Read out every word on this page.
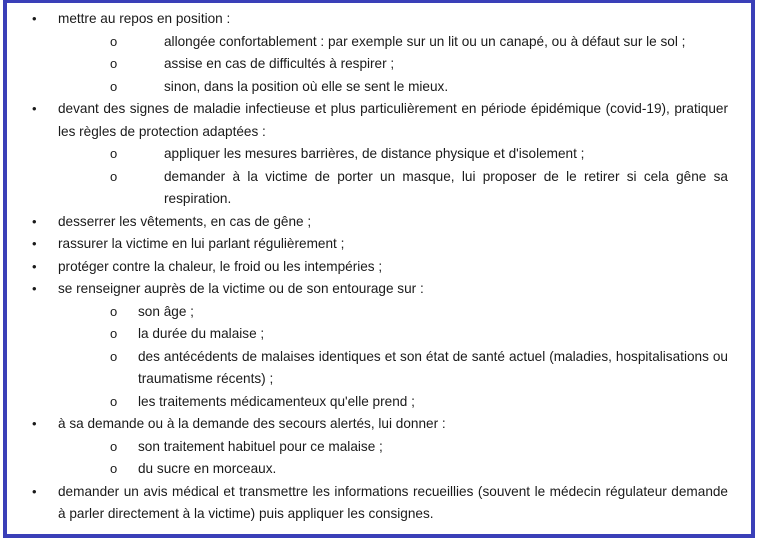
• mettre au repos en position :
o	allongée confortablement : par exemple sur un lit ou un canapé, ou à défaut sur le sol ;
o	assise en cas de difficultés à respirer ;
o	sinon, dans la position où elle se sent le mieux.
• devant des signes de maladie infectieuse et plus particulièrement en période épidémique (covid-19), pratiquer les règles de protection adaptées :
o	appliquer les mesures barrières, de distance physique et d'isolement ;
o	demander à la victime de porter un masque, lui proposer de le retirer si cela gêne sa respiration.
• desserrer les vêtements, en cas de gêne ;
• rassurer la victime en lui parlant régulièrement ;
• protéger contre la chaleur, le froid ou les intempéries ;
• se renseigner auprès de la victime ou de son entourage sur :
o son âge ;
o la durée du malaise ;
o des antécédents de malaises identiques et son état de santé actuel (maladies, hospitalisations ou traumatisme récents) ;
o les traitements médicamenteux qu'elle prend ;
• à sa demande ou à la demande des secours alertés, lui donner :
o son traitement habituel pour ce malaise ;
o du sucre en morceaux.
• demander un avis médical et transmettre les informations recueillies (souvent le médecin régulateur demande à parler directement à la victime) puis appliquer les consignes.
